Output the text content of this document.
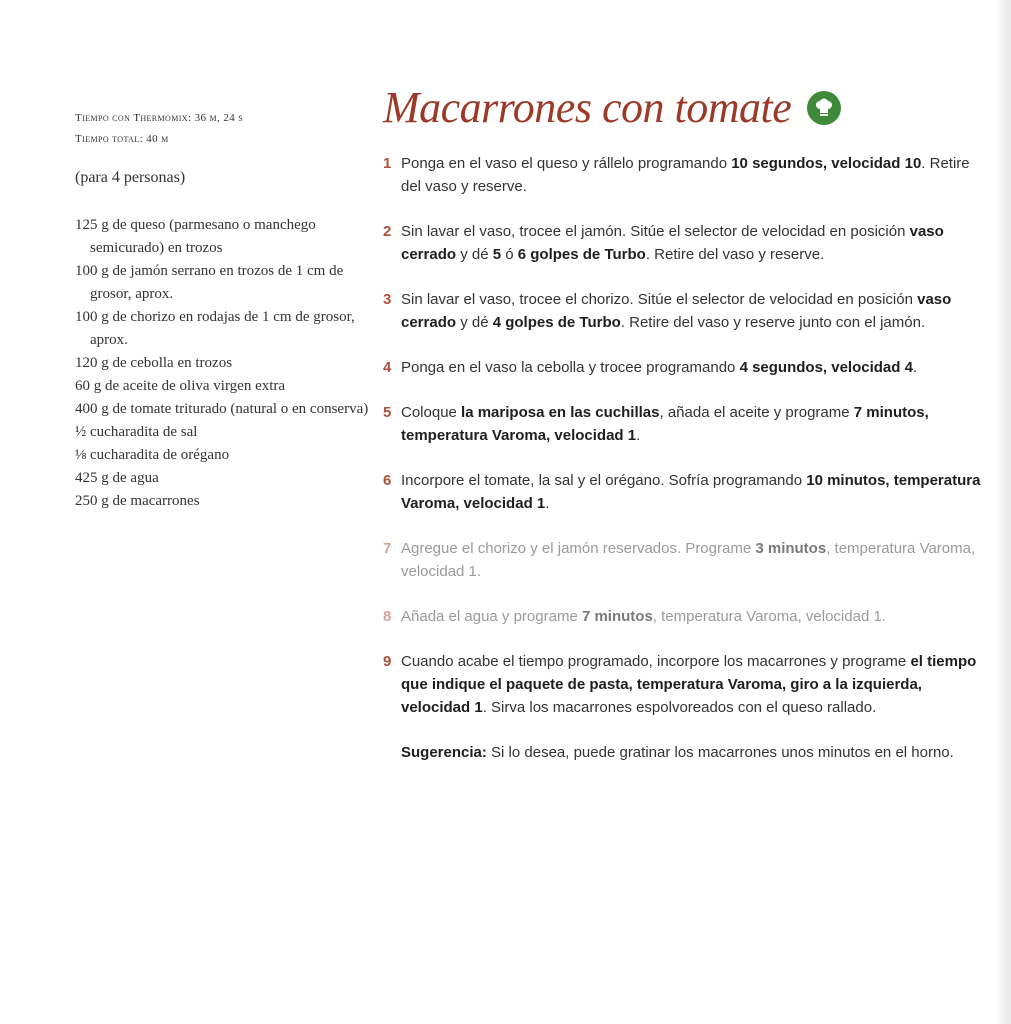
Tiempo con Thermomix: 36 m, 24 s
Tiempo total: 40 m
(para 4 personas)
125 g de queso (parmesano o manchego semicurado) en trozos
100 g de jamón serrano en trozos de 1 cm de grosor, aprox.
100 g de chorizo en rodajas de 1 cm de grosor, aprox.
120 g de cebolla en trozos
60 g de aceite de oliva virgen extra
400 g de tomate triturado (natural o en conserva)
½ cucharadita de sal
⅛ cucharadita de orégano
425 g de agua
250 g de macarrones
Macarrones con tomate
1 Ponga en el vaso el queso y rállelo programando 10 segundos, velocidad 10. Retire del vaso y reserve.
2 Sin lavar el vaso, trocee el jamón. Sitúe el selector de velocidad en posición vaso cerrado y dé 5 ó 6 golpes de Turbo. Retire del vaso y reserve.
3 Sin lavar el vaso, trocee el chorizo. Sitúe el selector de velocidad en posición vaso cerrado y dé 4 golpes de Turbo. Retire del vaso y reserve junto con el jamón.
4 Ponga en el vaso la cebolla y trocee programando 4 segundos, velocidad 4.
5 Coloque la mariposa en las cuchillas, añada el aceite y programe 7 minutos, temperatura Varoma, velocidad 1.
6 Incorpore el tomate, la sal y el orégano. Sofría programando 10 minutos, temperatura Varoma, velocidad 1.
7 Agregue el chorizo y el jamón reservados. Programe 3 minutos, temperatura Varoma, velocidad 1.
8 Añada el agua y programe 7 minutos, temperatura Varoma, velocidad 1.
9 Cuando acabe el tiempo programado, incorpore los macarrones y programe el tiempo que indique el paquete de pasta, temperatura Varoma, giro a la izquierda, velocidad 1. Sirva los macarrones espolvoreados con el queso rallado.
Sugerencia: Si lo desea, puede gratinar los macarrones unos minutos en el horno.
